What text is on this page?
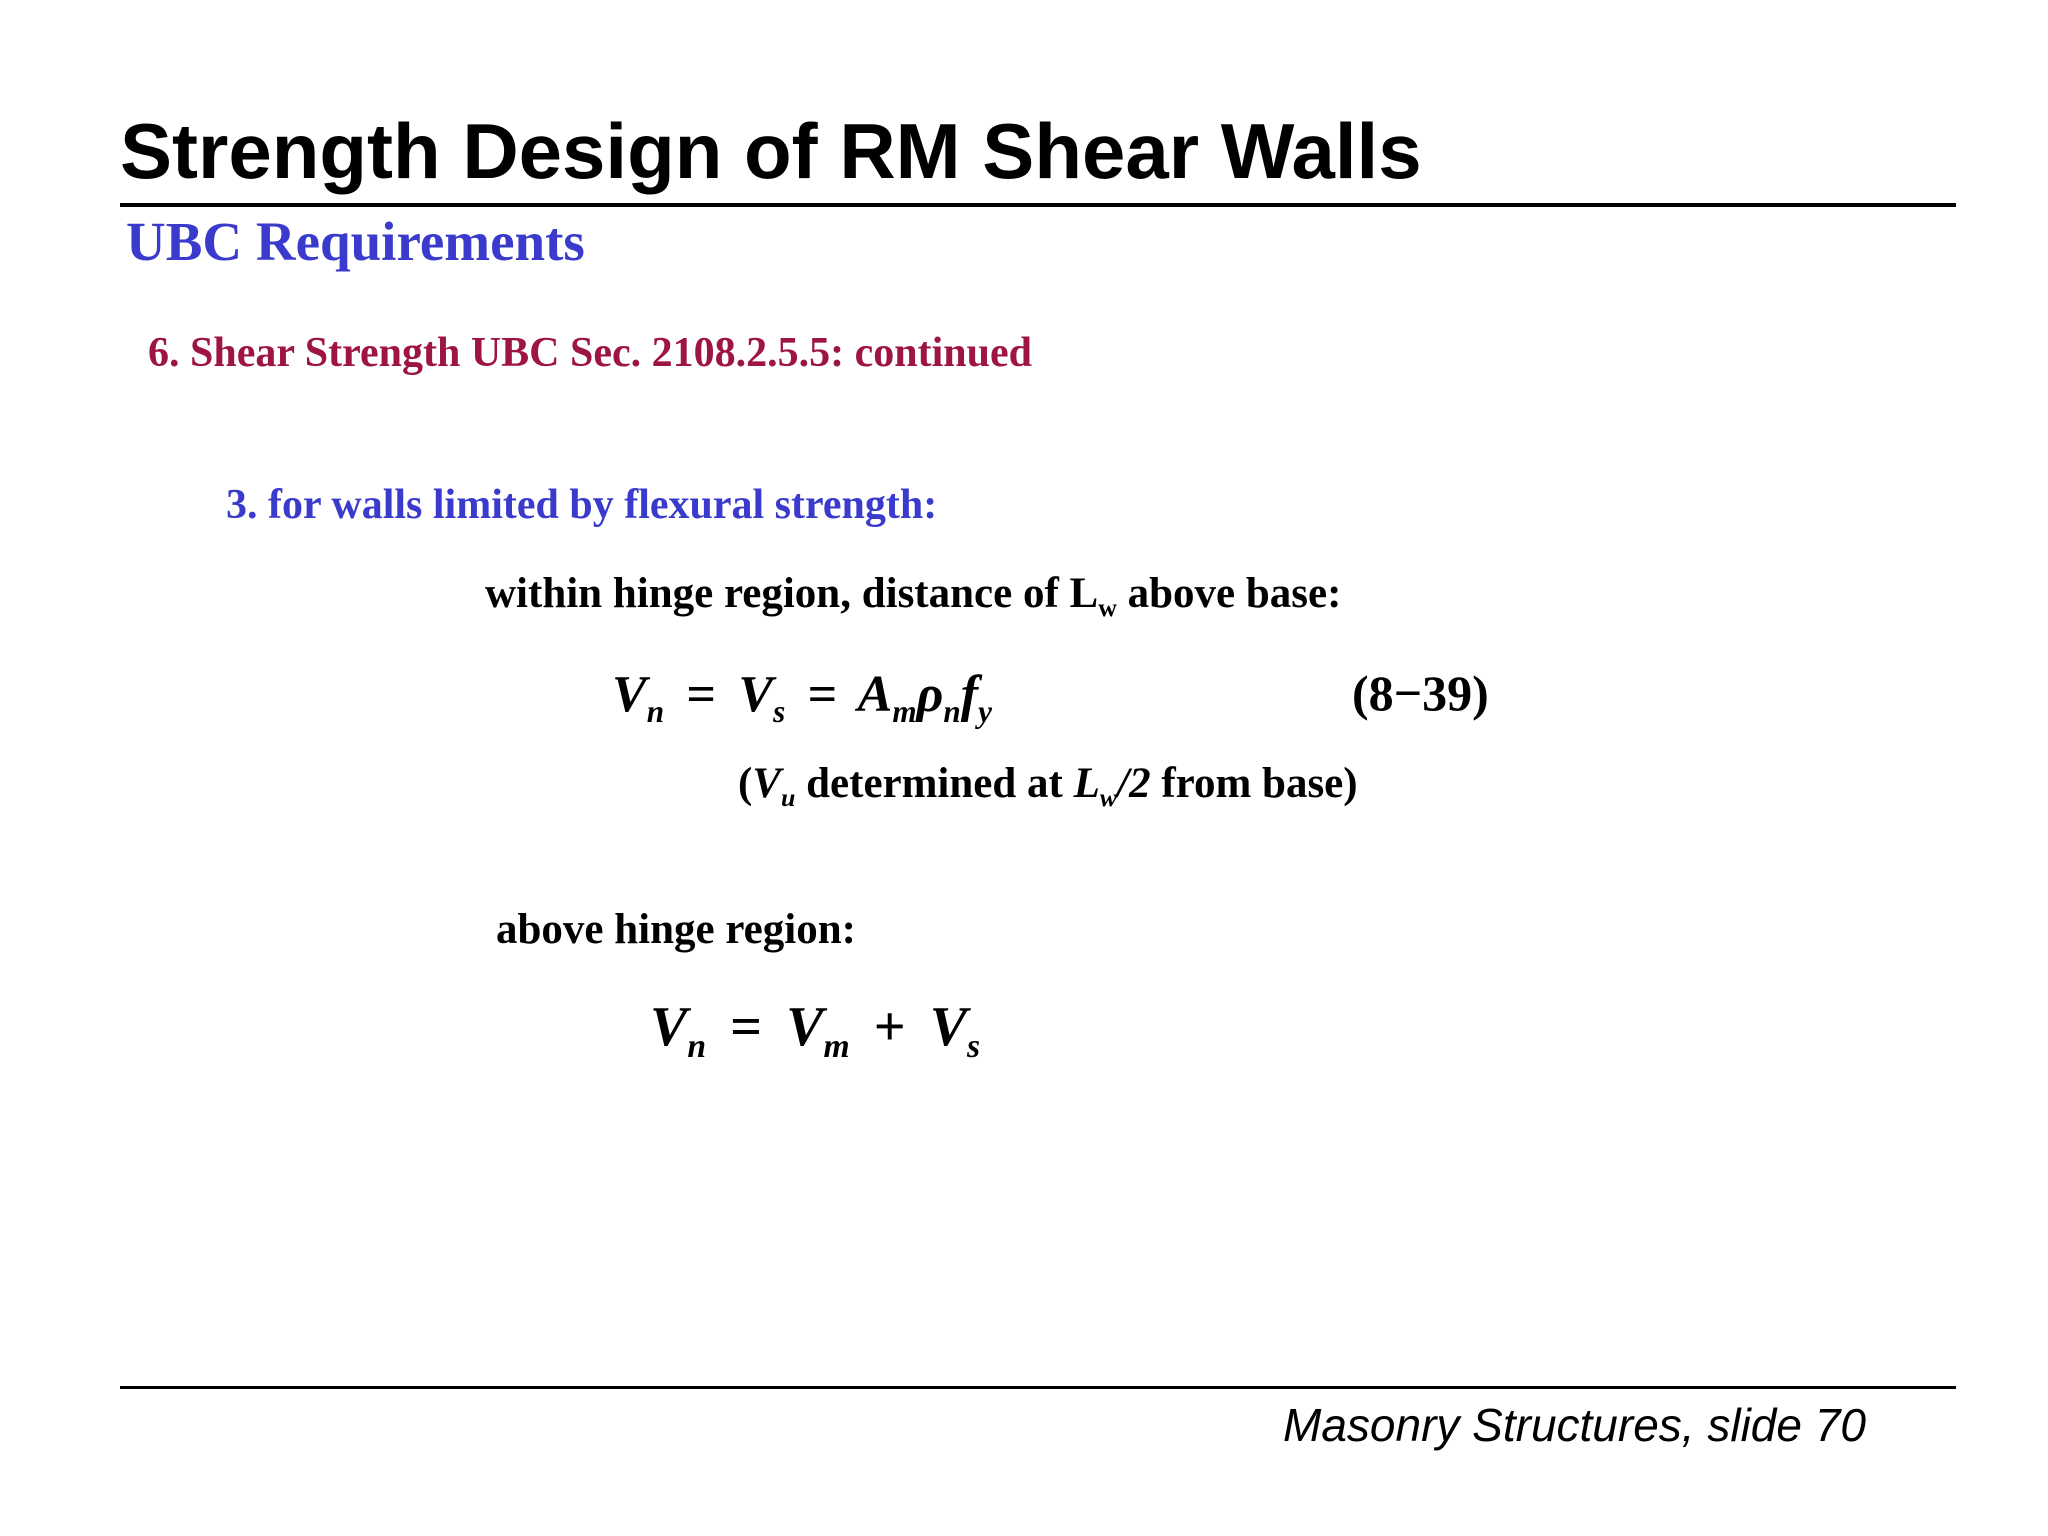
Strength Design of RM Shear Walls
UBC Requirements
6. Shear Strength UBC Sec. 2108.2.5.5: continued
3. for walls limited by flexural strength:
within hinge region, distance of $L_w$ above base:
$V_n = V_s = A_m\rho_nf_y$	(8−39)
($V_u$ determined at $L_w/2$ from base)
above hinge region:
$V_n = V_m + V_s$
Masonry Structures, slide 70
